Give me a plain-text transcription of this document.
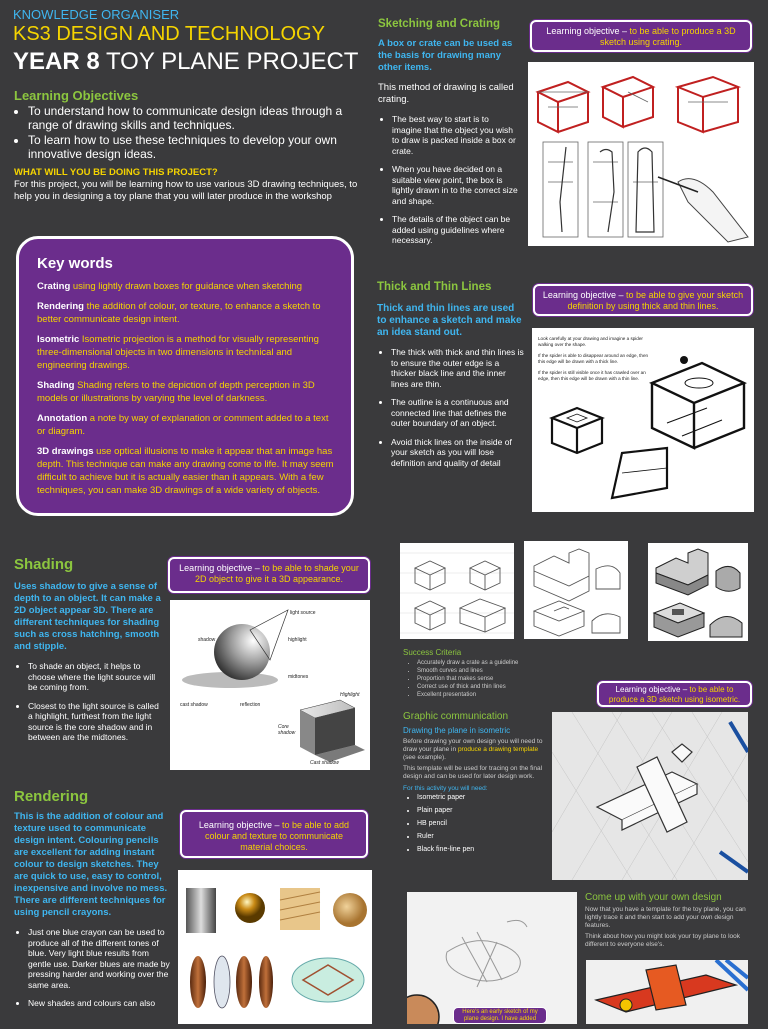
KNOWLEDGE ORGANISER
KS3 DESIGN AND TECHNOLOGY
YEAR 8 TOY PLANE PROJECT
Learning Objectives
• To understand how to communicate design ideas through a range of drawing skills and techniques.
• To learn how to use these techniques to develop your own innovative design ideas.
WHAT WILL YOU BE DOING THIS PROJECT?
For this project, you will be learning how to use various 3D drawing techniques, to help you in designing a toy plane that you will later produce in the workshop
Key words

Crating using lightly drawn boxes for guidance when sketching

Rendering the addition of colour, or texture, to enhance a sketch to better communicate design intent.

Isometric Isometric projection is a method for visually representing three-dimensional objects in two dimensions in technical and engineering drawings.

Shading Shading refers to the depiction of depth perception in 3D models or illustrations by varying the level of darkness.

Annotation a note by way of explanation or comment added to a text or diagram.

3D drawings use optical illusions to make it appear that an image has depth. This technique can make any drawing come to life. It may seem difficult to achieve but it is actually easier than it appears. With a few techniques, you can make 3D drawings of a wide variety of objects.

Sketching and Crating
A box or crate can be used as the basis for drawing many other items.
This method of drawing is called crating.
• The best way to start is to imagine that the object you wish to draw is packed inside a box or crate.
• When you have decided on a suitable view point, the box is lightly drawn in to the correct size and shape.
• The details of the object can be added using guidelines where necessary.
Learning objective – to be able to produce a 3D sketch using crating.
Thick and Thin Lines
Thick and thin lines are used to enhance a sketch and make an idea stand out.
• The thick with thick and thin lines is to ensure the outer edge is a thicker black line and the inner lines are thin.
• The outline is a continuous and connected line that defines the outer boundary of an object.
• Avoid thick lines on the inside of your sketch as you will lose definition and quality of detail
Learning objective – to be able to give your sketch definition by using thick and thin lines.
Look carefully at your drawing and imagine a spider walking over the shape.
If the spider is able to disappear around an edge, then this edge will be drawn with a thick line.
If the spider is still visible once it has crawled over an edge, then this edge will be drawn with a thin line.
Shading
Uses shadow to give a sense of depth to an object. It can make a 2D object appear 3D. There are different techniques for shading such as cross hatching, smooth and stipple.
• To shade an object, it helps to choose where the light source will be coming from.
• Closest to the light source is called a highlight, furthest from the light source is the core shadow and in between are the midtones.
Learning objective – to be able to shade your 2D object to give it a 3D appearance.
light source
shadow	highlight
midtones
cast shadow	reflection
Highlight
Core shadow
Cast shadow
Rendering
This is the addition of colour and texture used to communicate design intent. Colouring pencils are excellent for adding instant colour to design sketches. They are quick to use, easy to control, inexpensive and involve no mess. There are different techniques for using pencil crayons.
• Just one blue crayon can be used to produce all of the different tones of blue. Very light blue results from gentle use. Darker blues are made by pressing harder and working over the same area.
• New shades and colours can also
Learning objective – to be able to add colour and texture to communicate material choices.
Success Criteria
• Accurately draw a crate as a guideline
• Smooth curves and lines
• Proportion that makes sense
• Correct use of thick and thin lines
• Excellent presentation
Learning objective – to be able to produce a 3D sketch using isometric.
Graphic communication
Drawing the plane in isometric
Before drawing your own design you will need to draw your plane in produce a drawing template (see example).
This template will be used for tracing on the final design and can be used for later design work.
For this activity you will need:
• Isometric paper
• Plain paper
• HB pencil
• Ruler
• Black fine-line pen
Here's an early sketch of my plane design. I have added
Come up with your own design
Now that you have a template for the toy plane, you can lightly trace it and then start to add your own design features.
Think about how you might look your toy plane to look different to everyone else's.
